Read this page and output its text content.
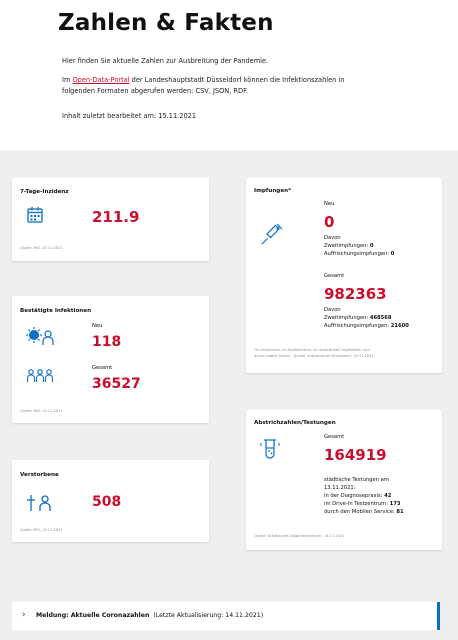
Zahlen & Fakten
Hier finden Sie aktuelle Zahlen zur Ausbreitung der Pandemie.
Im Open-Data-Portal der Landeshauptstadt Düsseldorf können die Infektionszahlen in
folgenden Formaten abgerufen werden: CSV, JSON, RDF.
Inhalt zuletzt bearbeitet am: 15.11.2021
7-Tage-Inzidenz
211.9
Quelle: RKI, 15.11.2021
Bestätigte Infektionen
Neu
118
Gesamt
36527
Quelle: RKI, 15.11.2021
Verstorbene
508
Quelle: RKI, 15.11.2021
Impfungen*
Neu
0
Davon
Zweitimpfungen: 0
Auffrischungsimpfungen: 0
Gesamt
982363
Davon
Zweitimpfungen: 468568
Auffrischungsimpfungen: 21600
*In Arztpraxen, im Impfzentrum, an dezentralen Impfstellen und
durch mobile Teams · Quelle: Impfzentrum Düsseldorf, 14.11.2021
Abstrichzahlen/Testungen
Gesamt
164919
städtische Testungen am
13.11.2021:
in der Diagnosepraxis: 42
im Drive-In Testzentrum: 173
durch den Mobilen Service: 81
Quelle: Städtisches Diagnosezentrum, 14.11.2021
› Meldung: Aktuelle Coronazahlen (Letzte Aktualisierung: 14.11.2021)
